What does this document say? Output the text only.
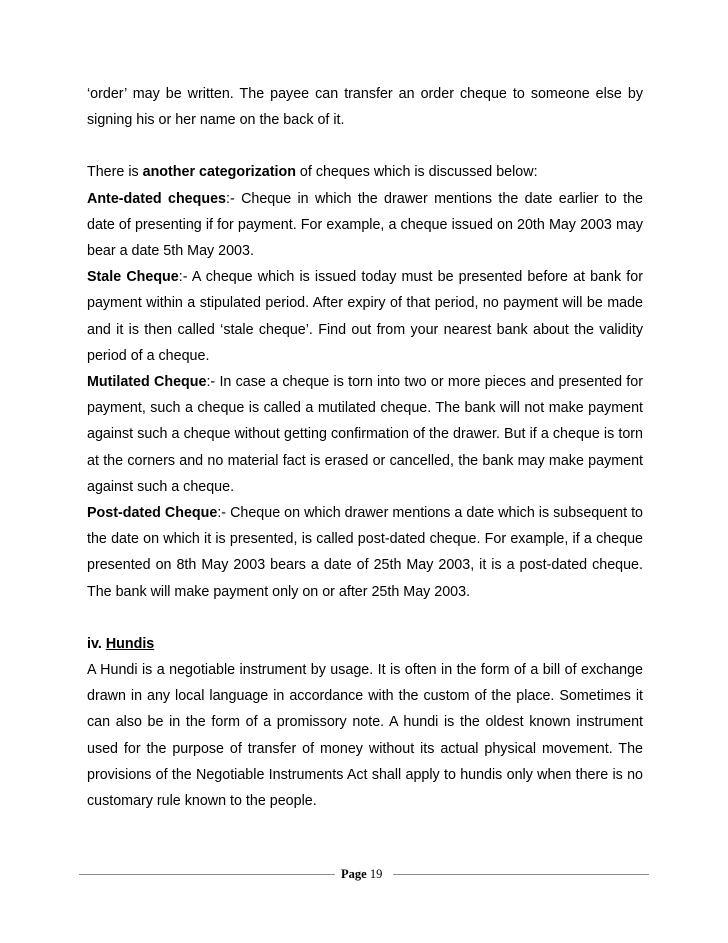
‘order’ may be written. The payee can transfer an order cheque to someone else by signing his or her name on the back of it.

There is another categorization of cheques which is discussed below:

Ante-dated cheques:- Cheque in which the drawer mentions the date earlier to the date of presenting if for payment. For example, a cheque issued on 20th May 2003 may bear a date 5th May 2003.

Stale Cheque:- A cheque which is issued today must be presented before at bank for payment within a stipulated period. After expiry of that period, no payment will be made and it is then called ‘stale cheque’. Find out from your nearest bank about the validity period of a cheque.

Mutilated Cheque:- In case a cheque is torn into two or more pieces and presented for payment, such a cheque is called a mutilated cheque. The bank will not make payment against such a cheque without getting confirmation of the drawer. But if a cheque is torn at the corners and no material fact is erased or cancelled, the bank may make payment against such a cheque.

Post-dated Cheque:- Cheque on which drawer mentions a date which is subsequent to the date on which it is presented, is called post-dated cheque. For example, if a cheque presented on 8th May 2003 bears a date of 25th May 2003, it is a post-dated cheque. The bank will make payment only on or after 25th May 2003.

iv. Hundis

A Hundi is a negotiable instrument by usage. It is often in the form of a bill of exchange drawn in any local language in accordance with the custom of the place. Sometimes it can also be in the form of a promissory note. A hundi is the oldest known instrument used for the purpose of transfer of money without its actual physical movement. The provisions of the Negotiable Instruments Act shall apply to hundis only when there is no customary rule known to the people.

Page 19
